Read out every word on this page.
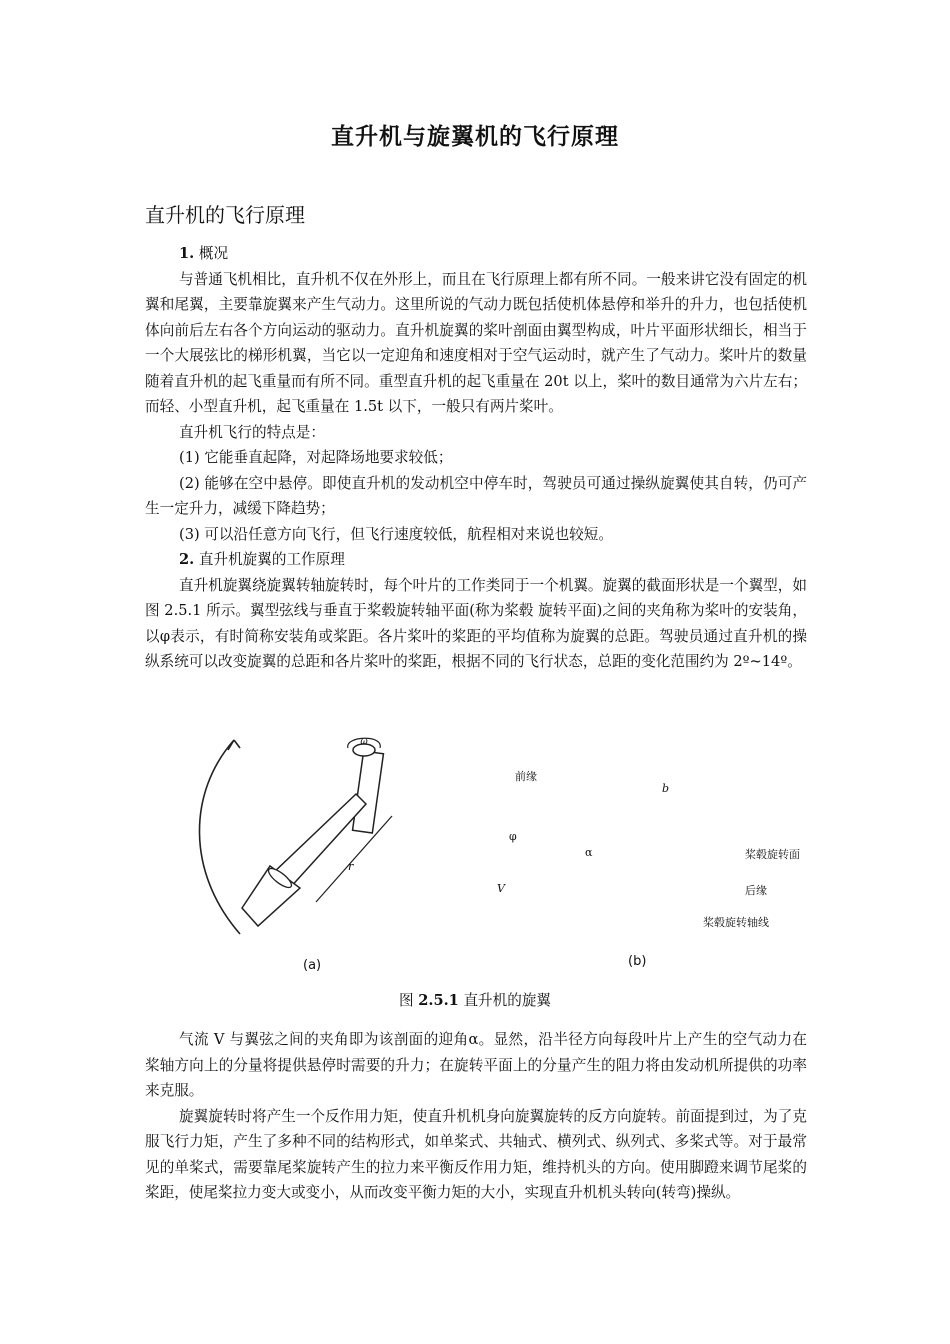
直升机与旋翼机的飞行原理
直升机的飞行原理

1. 概况

与普通飞机相比，直升机不仅在外形上，而且在飞行原理上都有所不同。一般来讲它没有固定的机翼和尾翼，主要靠旋翼来产生气动力。这里所说的气动力既包括使机体悬停和举升的升力，也包括使机体向前后左右各个方向运动的驱动力。直升机旋翼的桨叶剖面由翼型构成，叶片平面形状细长，相当于一个大展弦比的梯形机翼，当它以一定迎角和速度相对于空气运动时，就产生了气动力。桨叶片的数量随着直升机的起飞重量而有所不同。重型直升机的起飞重量在 20t 以上，桨叶的数目通常为六片左右；而轻、小型直升机，起飞重量在 1.5t 以下，一般只有两片桨叶。

直升机飞行的特点是：

(1) 它能垂直起降，对起降场地要求较低；

(2) 能够在空中悬停。即使直升机的发动机空中停车时，驾驶员可通过操纵旋翼使其自转，仍可产生一定升力，减缓下降趋势；

(3) 可以沿任意方向飞行，但飞行速度较低，航程相对来说也较短。

2. 直升机旋翼的工作原理

直升机旋翼绕旋翼转轴旋转时，每个叶片的工作类同于一个机翼。旋翼的截面形状是一个翼型，如图 2.5.1 所示。翼型弦线与垂直于桨毂旋转轴平面(称为桨毂 旋转平面)之间的夹角称为桨叶的安装角，以φ表示，有时简称安装角或桨距。各片桨叶的桨距的平均值称为旋翼的总距。驾驶员通过直升机的操纵系统可以改变旋翼的总距和各片桨叶的桨距，根据不同的飞行状态，总距的变化范围约为 2º~14º。

ω
r
前缘
b
φ
α	桨毂旋转面
V	后缘
桨毂旋转轴线
(a)	(b)
图 2.5.1 直升机的旋翼

气流 V 与翼弦之间的夹角即为该剖面的迎角α。显然，沿半径方向每段叶片上产生的空气动力在桨轴方向上的分量将提供悬停时需要的升力；在旋转平面上的分量产生的阻力将由发动机所提供的功率来克服。

旋翼旋转时将产生一个反作用力矩，使直升机机身向旋翼旋转的反方向旋转。前面提到过，为了克服飞行力矩，产生了多种不同的结构形式，如单桨式、共轴式、横列式、纵列式、多桨式等。对于最常见的单桨式，需要靠尾桨旋转产生的拉力来平衡反作用力矩，维持机头的方向。使用脚蹬来调节尾桨的桨距，使尾桨拉力变大或变小，从而改变平衡力矩的大小，实现直升机机头转向(转弯)操纵。
